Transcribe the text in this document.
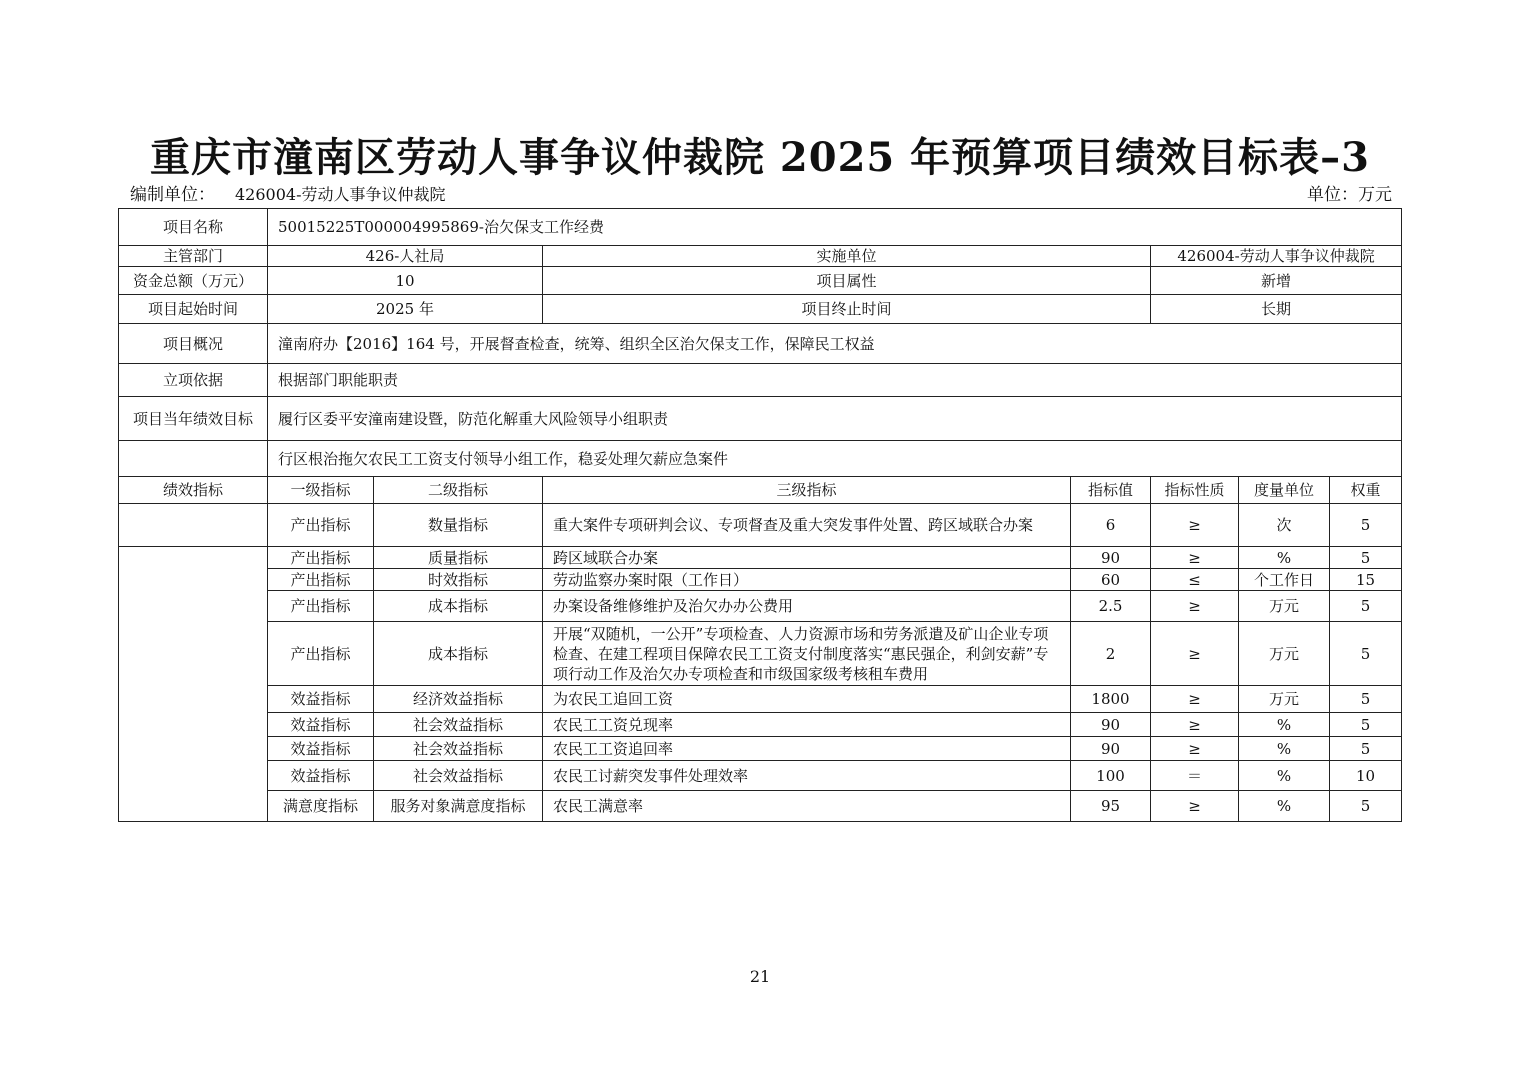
重庆市潼南区劳动人事争议仲裁院 2025 年预算项目绩效目标表–3
编制单位： 426004-劳动人事争议仲裁院	单位：万元
项目名称	50015225T000004995869-治欠保支工作经费						
主管部门	426-人社局		实施单位		426004-劳动人事争议仲裁院		
资金总额（万元）	10		项目属性		新增		
项目起始时间	2025 年		项目终止时间		长期		
项目概况	潼南府办【2016】164 号，开展督查检查，统筹、组织全区治欠保支工作，保障民工权益						
立项依据	根据部门职能职责						
项目当年绩效目标	履行区委平安潼南建设暨，防范化解重大风险领导小组职责						
	行区根治拖欠农民工工资支付领导小组工作，稳妥处理欠薪应急案件						
绩效指标	一级指标	二级指标	三级指标	指标值	指标性质	度量单位	权重
	产出指标	数量指标	重大案件专项研判会议、专项督查及重大突发事件处置、跨区域联合办案	6	≥	次	5
	产出指标	质量指标	跨区域联合办案	90	≥	%	5
	产出指标	时效指标	劳动监察办案时限（工作日）	60	≤	个工作日	15
	产出指标	成本指标	办案设备维修维护及治欠办办公费用	2.5	≥	万元	5
	产出指标	成本指标	开展“双随机，一公开”专项检查、人力资源市场和劳务派遣及矿山企业专项检查、在建工程项目保障农民工工资支付制度落实“惠民强企，利剑安薪”专项行动工作及治欠办专项检查和市级国家级考核租车费用	2	≥	万元	5
	效益指标	经济效益指标	为农民工追回工资	1800	≥	万元	5
	效益指标	社会效益指标	农民工工资兑现率	90	≥	%	5
	效益指标	社会效益指标	农民工工资追回率	90	≥	%	5
	效益指标	社会效益指标	农民工讨薪突发事件处理效率	100	＝	%	10
	满意度指标	服务对象满意度指标	农民工满意率	95	≥	%	5
21
